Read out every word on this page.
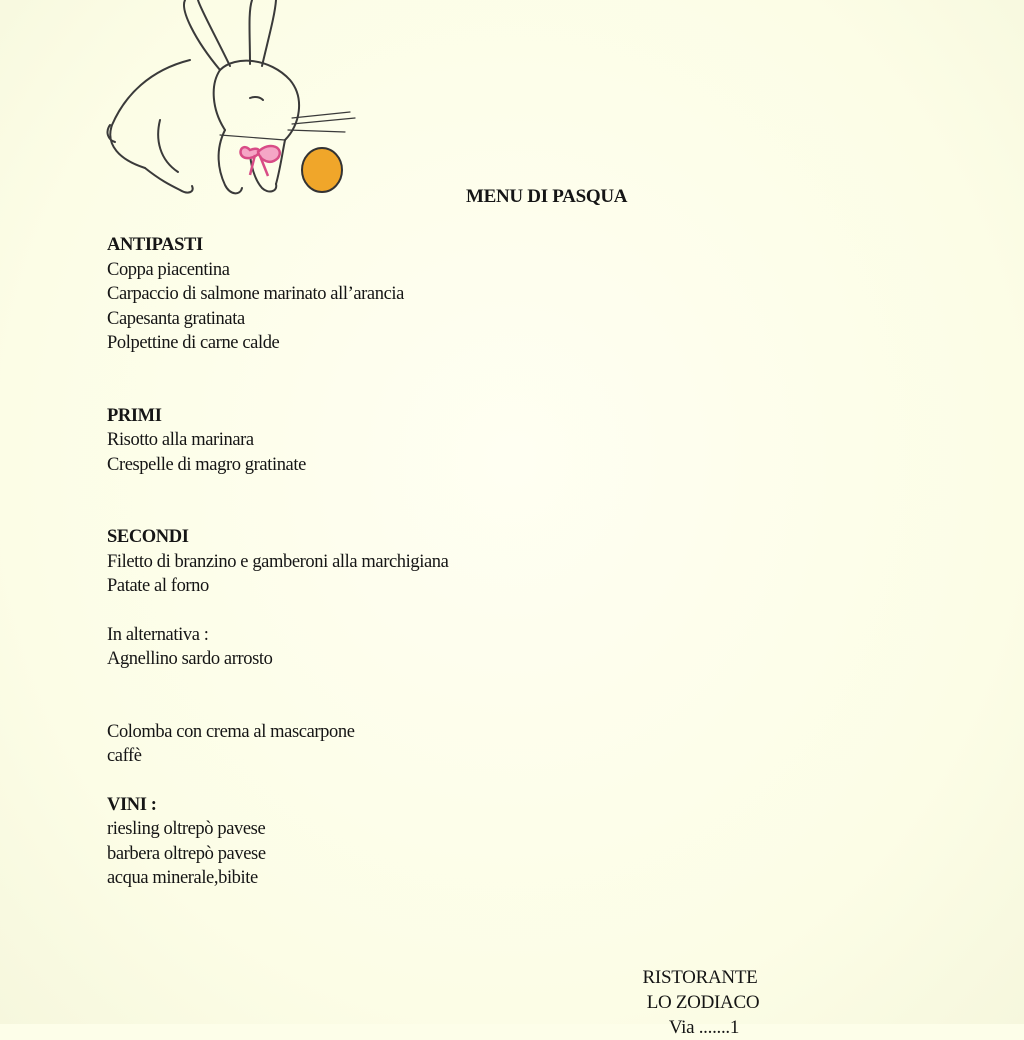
MENU DI PASQUA
ANTIPASTI
Coppa piacentina
Carpaccio di salmone marinato all’arancia
Capesanta gratinata
Polpettine di carne calde
PRIMI
Risotto alla marinara
Crespelle di magro gratinate
SECONDI
Filetto di branzino e gamberoni alla marchigiana
Patate al forno
In alternativa :
Agnellino sardo arrosto
Colomba con crema al mascarpone
caffè
VINI :
riesling oltrepò pavese
barbera oltrepò pavese
acqua minerale,bibite
RISTORANTE
LO ZODIACO
Via .......1
